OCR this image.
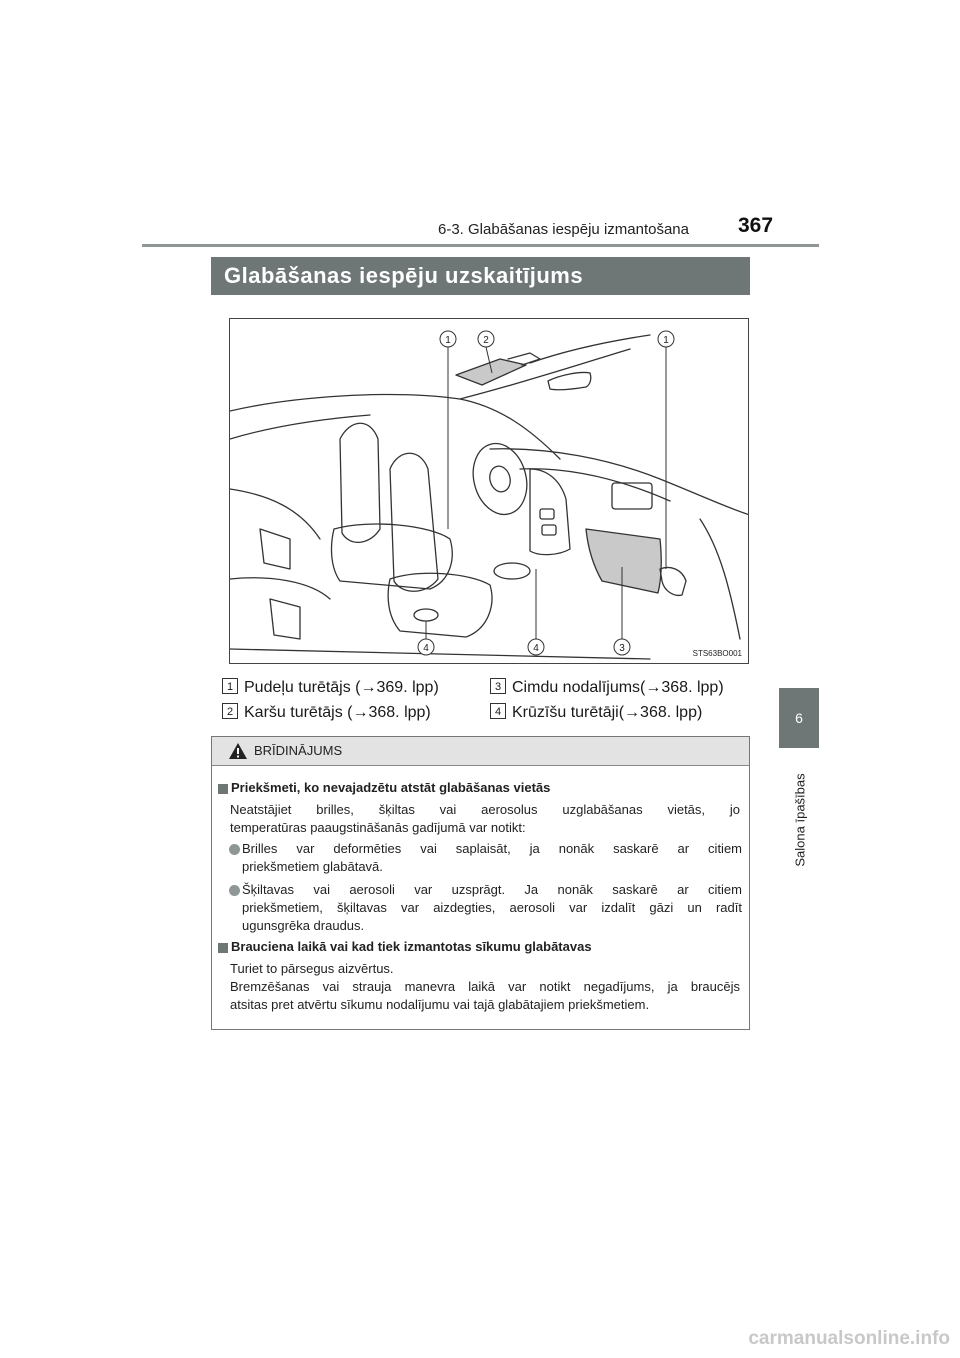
6-3. Glabāšanas iespēju izmantošana 367
6
Salona īpašības
Glabāšanas iespēju uzskaitījums
1	2	1
4	4	3	STS63BO001
1 Pudeļu turētājs (→369. lpp)
2 Karšu turētājs (→368. lpp)
3 Cimdu nodalījums(→368. lpp)
4 Krūzīšu turētāji(→368. lpp)
BRĪDINĀJUMS
Priekšmeti, ko nevajadzētu atstāt glabāšanas vietās
Neatstājiet brilles, šķiltas vai aerosolus uzglabāšanas vietās, jo
temperatūras paaugstināšanās gadījumā var notikt:
Brilles var deformēties vai saplaisāt, ja nonāk saskarē ar citiem
priekšmetiem glabātavā.
Šķiltavas vai aerosoli var uzsprāgt. Ja nonāk saskarē ar citiem
priekšmetiem, šķiltavas var aizdegties, aerosoli var izdalīt gāzi un radīt
ugunsgrēka draudus.
Brauciena laikā vai kad tiek izmantotas sīkumu glabātavas
Turiet to pārsegus aizvērtus.
Bremzēšanas vai strauja manevra laikā var notikt negadījums, ja braucējs
atsitas pret atvērtu sīkumu nodalījumu vai tajā glabātajiem priekšmetiem.
carmanualsonline.info
